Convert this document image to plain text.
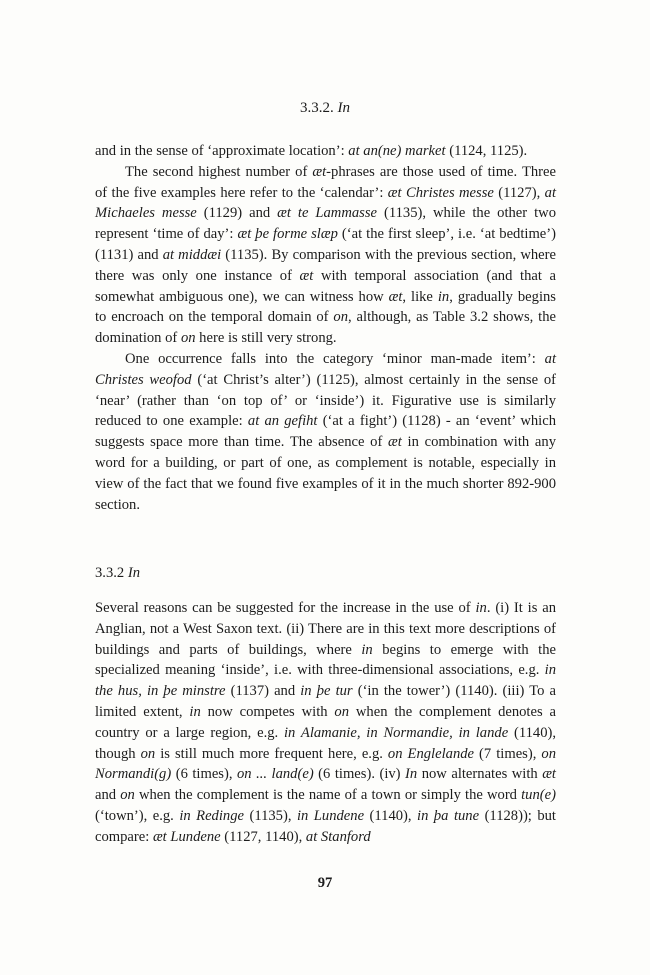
3.3.2. In

and in the sense of ‘approximate location’: at an(ne) market (1124, 1125).

The second highest number of æt-phrases are those used of time. Three of the five examples here refer to the ‘calendar’: æt Christes messe (1127), at Michaeles messe (1129) and æt te Lammasse (1135), while the other two represent ‘time of day’: æt þe forme slæp (‘at the first sleep’, i.e. ‘at bedtime’) (1131) and at middæi (1135). By comparison with the previous section, where there was only one instance of æt with temporal association (and that a somewhat ambiguous one), we can witness how æt, like in, gradually begins to encroach on the temporal domain of on, although, as Table 3.2 shows, the domination of on here is still very strong.

One occurrence falls into the category ‘minor man-made item’: at Christes weofod (‘at Christ’s alter’) (1125), almost certainly in the sense of ‘near’ (rather than ‘on top of’ or ‘inside’) it. Figurative use is similarly reduced to one example: at an gefiht (‘at a fight’) (1128) - an ‘event’ which suggests space more than time. The absence of æt in combination with any word for a building, or part of one, as complement is notable, especially in view of the fact that we found five examples of it in the much shorter 892-900 section.

3.3.2 In

Several reasons can be suggested for the increase in the use of in. (i) It is an Anglian, not a West Saxon text. (ii) There are in this text more descriptions of buildings and parts of buildings, where in begins to emerge with the specialized meaning ‘inside’, i.e. with three-dimensional associations, e.g. in the hus, in þe minstre (1137) and in þe tur (‘in the tower’) (1140). (iii) To a limited extent, in now competes with on when the complement denotes a country or a large region, e.g. in Alamanie, in Normandie, in lande (1140), though on is still much more frequent here, e.g. on Englelande (7 times), on Normandi(g) (6 times), on ... land(e) (6 times). (iv) In now alternates with æt and on when the complement is the name of a town or simply the word tun(e) (‘town’), e.g. in Redinge (1135), in Lundene (1140), in þa tune (1128)); but compare: æt Lundene (1127, 1140), at Stanford

97
